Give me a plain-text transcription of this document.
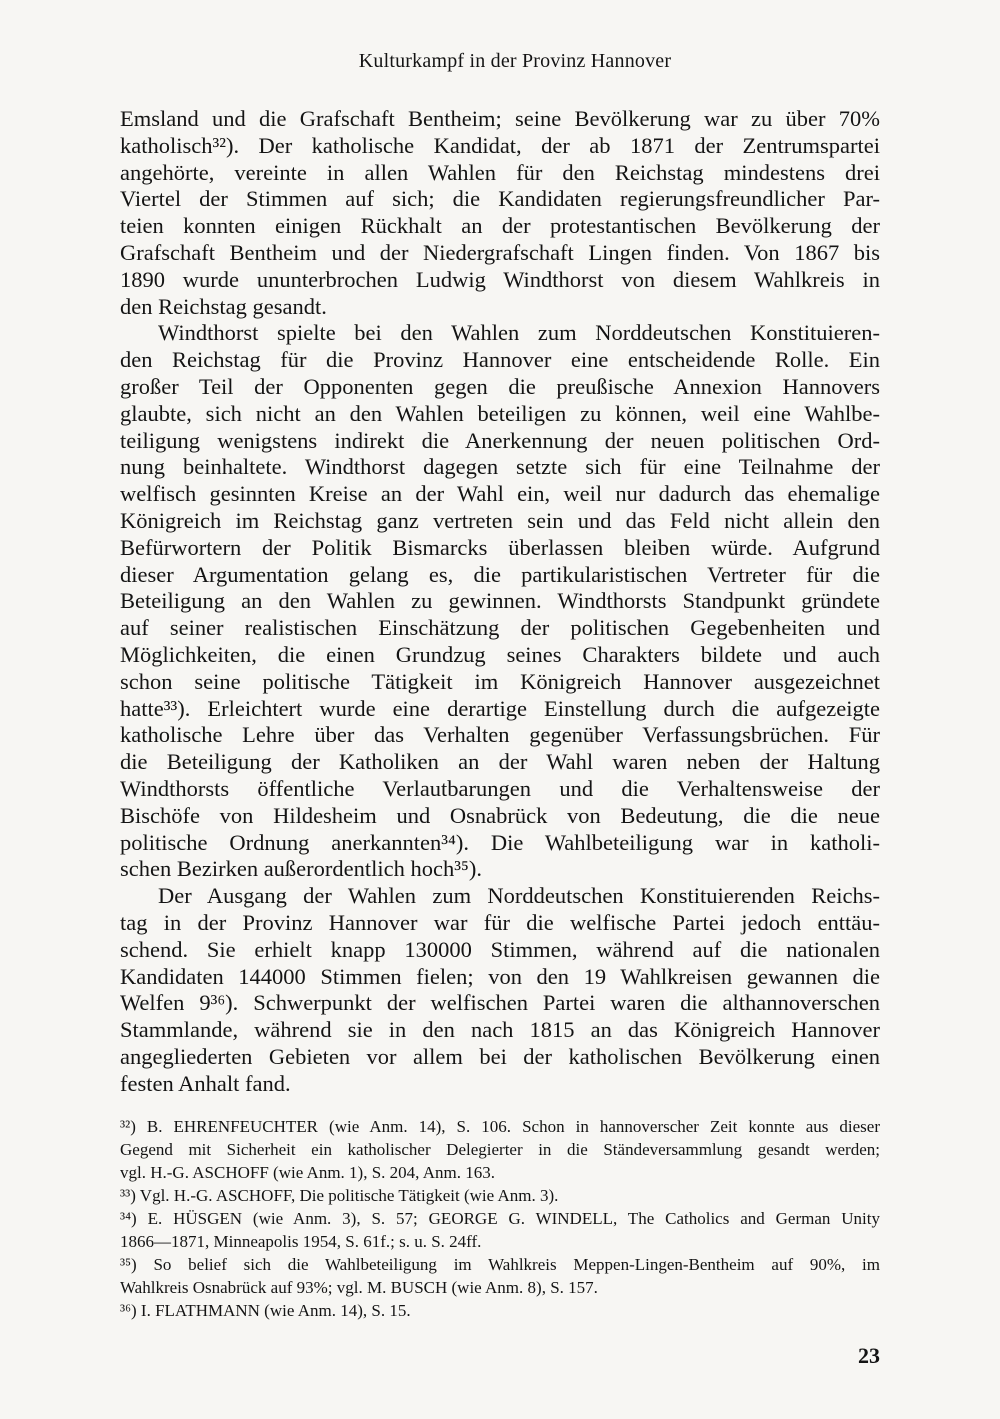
Kulturkampf in der Provinz Hannover
Emsland und die Grafschaft Bentheim; seine Bevölkerung war zu über 70%
katholisch³²). Der katholische Kandidat, der ab 1871 der Zentrumspartei
angehörte, vereinte in allen Wahlen für den Reichstag mindestens drei
Viertel der Stimmen auf sich; die Kandidaten regierungsfreundlicher Par-
teien konnten einigen Rückhalt an der protestantischen Bevölkerung der
Grafschaft Bentheim und der Niedergrafschaft Lingen finden. Von 1867 bis
1890 wurde ununterbrochen Ludwig Windthorst von diesem Wahlkreis in
den Reichstag gesandt.
Windthorst spielte bei den Wahlen zum Norddeutschen Konstituieren-
den Reichstag für die Provinz Hannover eine entscheidende Rolle. Ein
großer Teil der Opponenten gegen die preußische Annexion Hannovers
glaubte, sich nicht an den Wahlen beteiligen zu können, weil eine Wahlbe-
teiligung wenigstens indirekt die Anerkennung der neuen politischen Ord-
nung beinhaltete. Windthorst dagegen setzte sich für eine Teilnahme der
welfisch gesinnten Kreise an der Wahl ein, weil nur dadurch das ehemalige
Königreich im Reichstag ganz vertreten sein und das Feld nicht allein den
Befürwortern der Politik Bismarcks überlassen bleiben würde. Aufgrund
dieser Argumentation gelang es, die partikularistischen Vertreter für die
Beteiligung an den Wahlen zu gewinnen. Windthorsts Standpunkt gründete
auf seiner realistischen Einschätzung der politischen Gegebenheiten und
Möglichkeiten, die einen Grundzug seines Charakters bildete und auch
schon seine politische Tätigkeit im Königreich Hannover ausgezeichnet
hatte³³). Erleichtert wurde eine derartige Einstellung durch die aufgezeigte
katholische Lehre über das Verhalten gegenüber Verfassungsbrüchen. Für
die Beteiligung der Katholiken an der Wahl waren neben der Haltung
Windthorsts öffentliche Verlautbarungen und die Verhaltensweise der
Bischöfe von Hildesheim und Osnabrück von Bedeutung, die die neue
politische Ordnung anerkannten³⁴). Die Wahlbeteiligung war in katholi-
schen Bezirken außerordentlich hoch³⁵).
Der Ausgang der Wahlen zum Norddeutschen Konstituierenden Reichs-
tag in der Provinz Hannover war für die welfische Partei jedoch enttäu-
schend. Sie erhielt knapp 130000 Stimmen, während auf die nationalen
Kandidaten 144000 Stimmen fielen; von den 19 Wahlkreisen gewannen die
Welfen 9³⁶). Schwerpunkt der welfischen Partei waren die althannoverschen
Stammlande, während sie in den nach 1815 an das Königreich Hannover
angegliederten Gebieten vor allem bei der katholischen Bevölkerung einen
festen Anhalt fand.
³²) B. EHRENFEUCHTER (wie Anm. 14), S. 106. Schon in hannoverscher Zeit konnte aus dieser
Gegend mit Sicherheit ein katholischer Delegierter in die Ständeversammlung gesandt werden;
vgl. H.-G. ASCHOFF (wie Anm. 1), S. 204, Anm. 163.
³³) Vgl. H.-G. ASCHOFF, Die politische Tätigkeit (wie Anm. 3).
³⁴) E. HÜSGEN (wie Anm. 3), S. 57; GEORGE G. WINDELL, The Catholics and German Unity
1866—1871, Minneapolis 1954, S. 61f.; s. u. S. 24ff.
³⁵) So belief sich die Wahlbeteiligung im Wahlkreis Meppen-Lingen-Bentheim auf 90%, im
Wahlkreis Osnabrück auf 93%; vgl. M. BUSCH (wie Anm. 8), S. 157.
³⁶) I. FLATHMANN (wie Anm. 14), S. 15.
23
